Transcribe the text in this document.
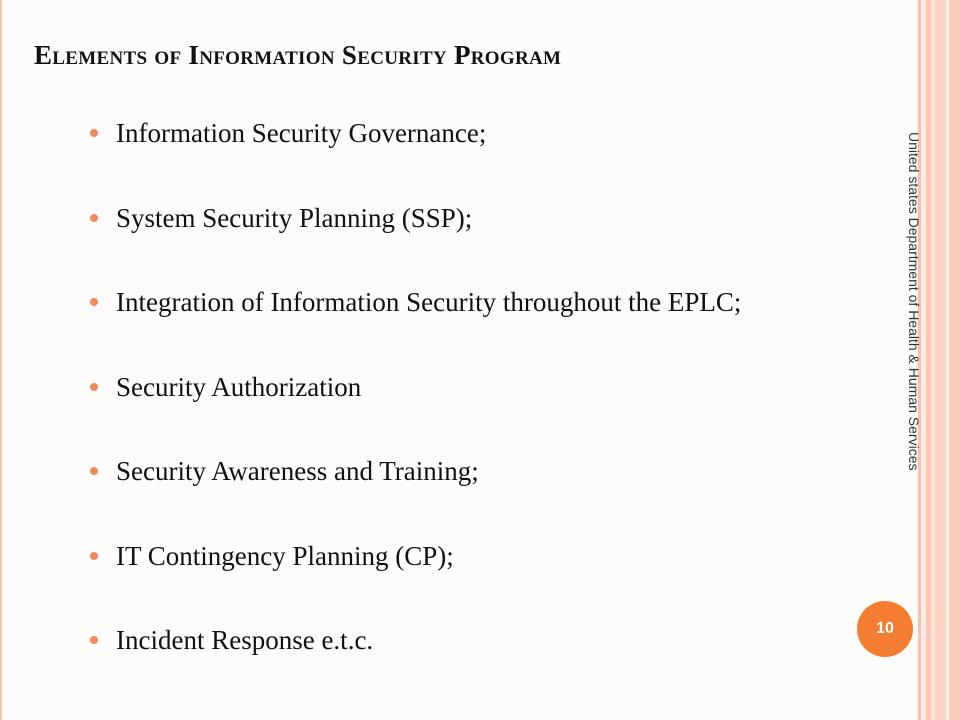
Elements of Information Security Program
Information Security Governance;
System Security Planning (SSP);
Integration of Information Security throughout the EPLC;
Security Authorization
Security Awareness and Training;
IT Contingency Planning (CP);
Incident Response e.t.c.
United states Department of Health & Human Services
10
